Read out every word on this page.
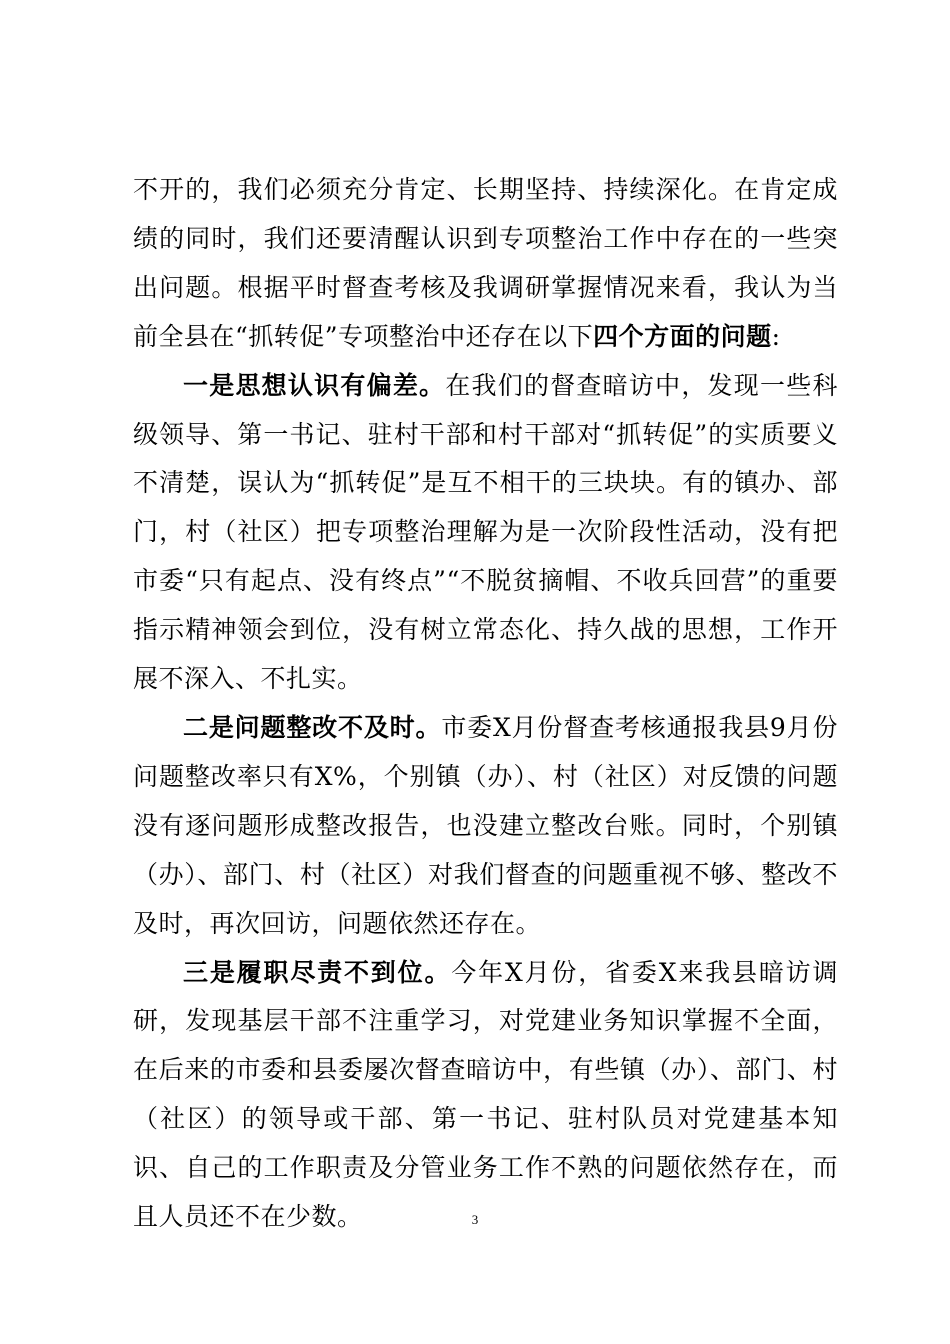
不开的，我们必须充分肯定、长期坚持、持续深化。在肯定成绩的同时，我们还要清醒认识到专项整治工作中存在的一些突出问题。根据平时督查考核及我调研掌握情况来看，我认为当前全县在“抓转促”专项整治中还存在以下四个方面的问题:

一是思想认识有偏差。在我们的督查暗访中，发现一些科级领导、第一书记、驻村干部和村干部对“抓转促”的实质要义不清楚，误认为“抓转促”是互不相干的三块块。有的镇办、部门，村（社区）把专项整治理解为是一次阶段性活动，没有把市委“只有起点、没有终点”“不脱贫摘帽、不收兵回营”的重要指示精神领会到位，没有树立常态化、持久战的思想，工作开展不深入、不扎实。

二是问题整改不及时。市委X月份督查考核通报我县9月份问题整改率只有X%，个别镇（办）、村（社区）对反馈的问题没有逐问题形成整改报告，也没建立整改台账。同时，个别镇（办）、部门、村（社区）对我们督查的问题重视不够、整改不及时，再次回访，问题依然还存在。

三是履职尽责不到位。今年X月份，省委X来我县暗访调研，发现基层干部不注重学习，对党建业务知识掌握不全面，在后来的市委和县委屡次督查暗访中，有些镇（办）、部门、村（社区）的领导或干部、第一书记、驻村队员对党建基本知识、自己的工作职责及分管业务工作不熟的问题依然存在，而且人员还不在少数。	3
